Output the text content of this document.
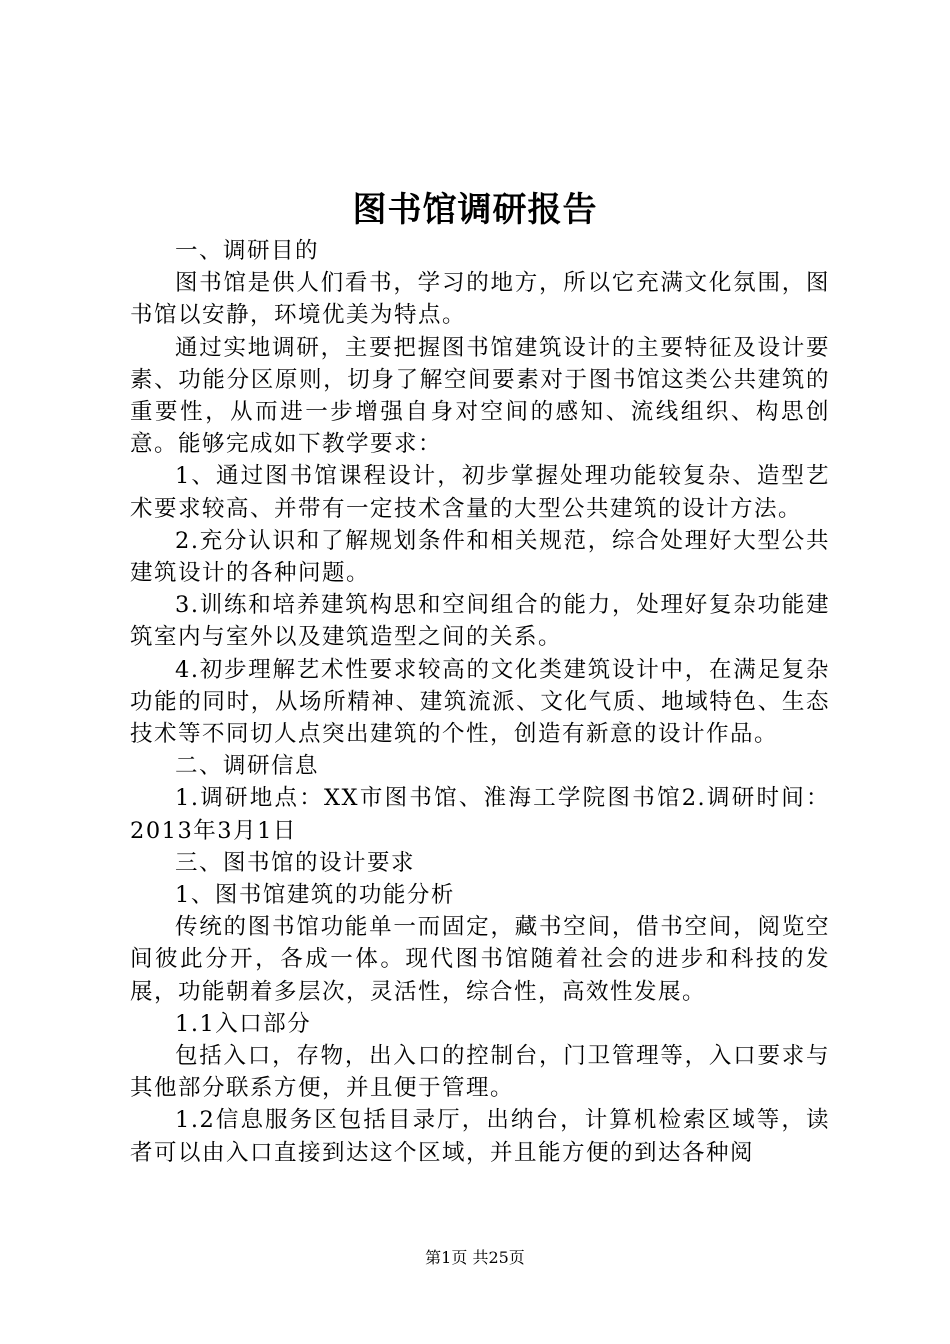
图书馆调研报告

一、调研目的

图书馆是供人们看书，学习的地方，所以它充满文化氛围，图书馆以安静，环境优美为特点。

通过实地调研，主要把握图书馆建筑设计的主要特征及设计要素、功能分区原则，切身了解空间要素对于图书馆这类公共建筑的重要性，从而进一步增强自身对空间的感知、流线组织、构思创意。能够完成如下教学要求：

1、通过图书馆课程设计，初步掌握处理功能较复杂、造型艺术要求较高、并带有一定技术含量的大型公共建筑的设计方法。

2.充分认识和了解规划条件和相关规范，综合处理好大型公共建筑设计的各种问题。

3.训练和培养建筑构思和空间组合的能力，处理好复杂功能建筑室内与室外以及建筑造型之间的关系。

4.初步理解艺术性要求较高的文化类建筑设计中，在满足复杂功能的同时，从场所精神、建筑流派、文化气质、地域特色、生态技术等不同切人点突出建筑的个性，创造有新意的设计作品。

二、调研信息

1.调研地点：XX市图书馆、淮海工学院图书馆2.调研时间：2013年3月1日

三、图书馆的设计要求

1、图书馆建筑的功能分析

传统的图书馆功能单一而固定，藏书空间，借书空间，阅览空间彼此分开，各成一体。现代图书馆随着社会的进步和科技的发展，功能朝着多层次，灵活性，综合性，高效性发展。

1.1入口部分

包括入口，存物，出入口的控制台，门卫管理等，入口要求与其他部分联系方便，并且便于管理。

1.2信息服务区包括目录厅，出纳台，计算机检索区域等，读者可以由入口直接到达这个区域，并且能方便的到达各种阅

第1页 共25页
